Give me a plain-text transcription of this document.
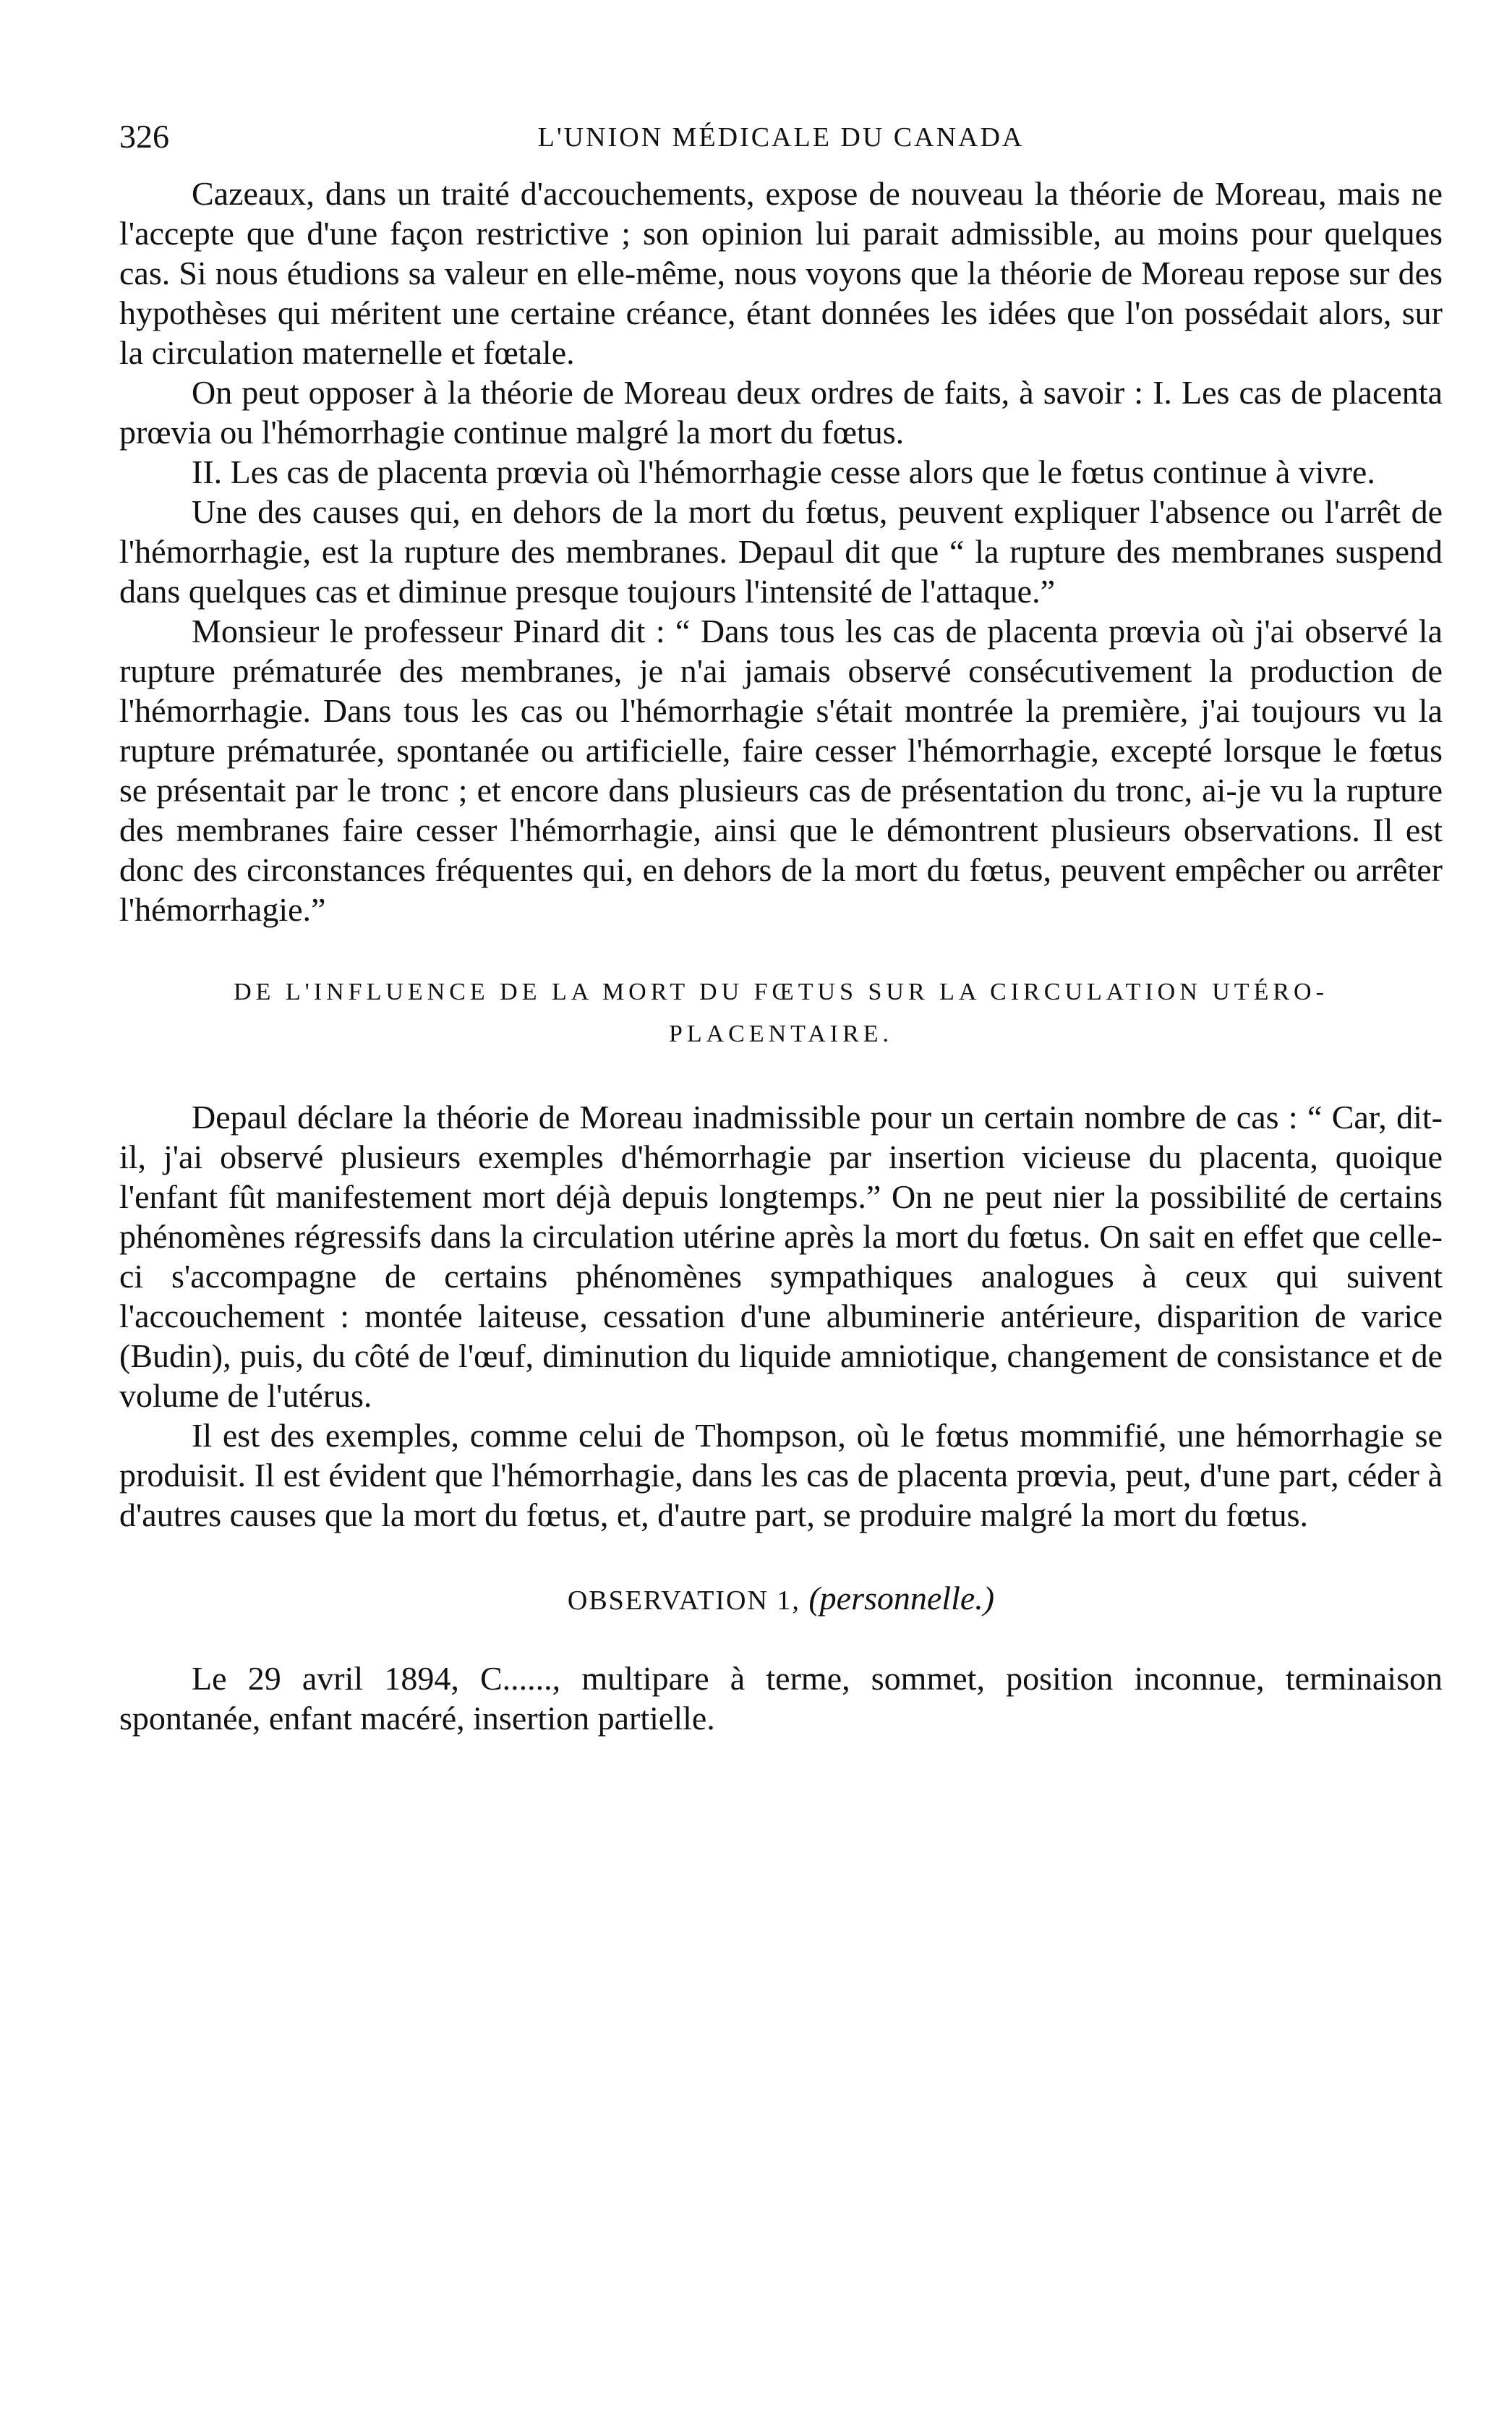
326	L'UNION MÉDICALE DU CANADA

Cazeaux, dans un traité d'accouchements, expose de nouveau la théorie de Moreau, mais ne l'accepte que d'une façon restrictive ; son opinion lui parait admissible, au moins pour quelques cas. Si nous étudions sa valeur en elle-même, nous voyons que la théorie de Moreau repose sur des hypothèses qui méritent une certaine créance, étant données les idées que l'on possédait alors, sur la circulation maternelle et fœtale.

On peut opposer à la théorie de Moreau deux ordres de faits, à savoir : I. Les cas de placenta prœvia ou l'hémorrhagie continue malgré la mort du fœtus.

II. Les cas de placenta prœvia où l'hémorrhagie cesse alors que le fœtus continue à vivre.

Une des causes qui, en dehors de la mort du fœtus, peuvent expliquer l'absence ou l'arrêt de l'hémorrhagie, est la rupture des membranes. Depaul dit que “ la rupture des membranes suspend dans quelques cas et diminue presque toujours l'intensité de l'attaque.”

Monsieur le professeur Pinard dit : “ Dans tous les cas de placenta prœvia où j'ai observé la rupture prématurée des membranes, je n'ai jamais observé consécutivement la production de l'hémorrhagie. Dans tous les cas ou l'hémorrhagie s'était montrée la première, j'ai toujours vu la rupture prématurée, spontanée ou artificielle, faire cesser l'hémorrhagie, excepté lorsque le fœtus se présentait par le tronc ; et encore dans plusieurs cas de présentation du tronc, ai-je vu la rupture des membranes faire cesser l'hémorrhagie, ainsi que le démontrent plusieurs observations. Il est donc des circonstances fréquentes qui, en dehors de la mort du fœtus, peuvent empêcher ou arrêter l'hémorrhagie.”

DE L'INFLUENCE DE LA MORT DU FŒTUS SUR LA CIRCULATION UTÉRO-PLACENTAIRE.

Depaul déclare la théorie de Moreau inadmissible pour un certain nombre de cas : “ Car, dit-il, j'ai observé plusieurs exemples d'hémorrhagie par insertion vicieuse du placenta, quoique l'enfant fût manifestement mort déjà depuis longtemps.” On ne peut nier la possibilité de certains phénomènes régressifs dans la circulation utérine après la mort du fœtus. On sait en effet que celle-ci s'accompagne de certains phénomènes sympathiques analogues à ceux qui suivent l'accouchement : montée laiteuse, cessation d'une albuminerie antérieure, disparition de varice (Budin), puis, du côté de l'œuf, diminution du liquide amniotique, changement de consistance et de volume de l'utérus.

Il est des exemples, comme celui de Thompson, où le fœtus mommifié, une hémorrhagie se produisit. Il est évident que l'hémorrhagie, dans les cas de placenta prœvia, peut, d'une part, céder à d'autres causes que la mort du fœtus, et, d'autre part, se produire malgré la mort du fœtus.

OBSERVATION 1, (personnelle.)

Le 29 avril 1894, C......, multipare à terme, sommet, position inconnue, terminaison spontanée, enfant macéré, insertion partielle.
